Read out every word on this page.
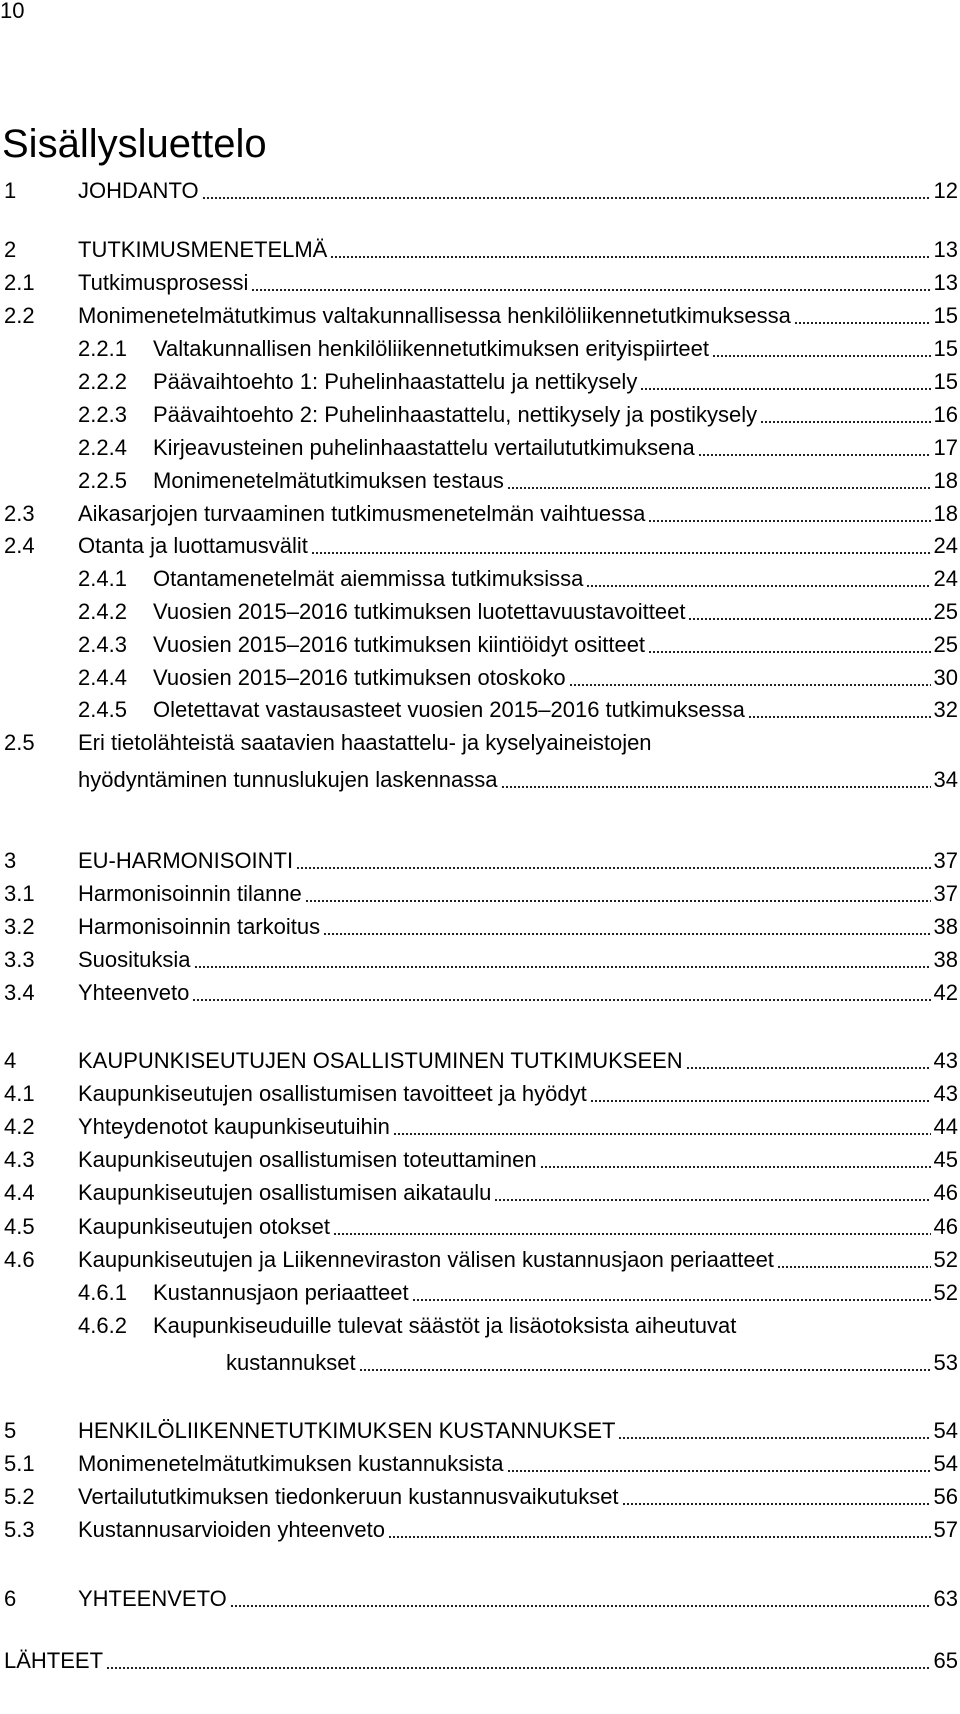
10
Sisällysluettelo
1	JOHDANTO	12
2	TUTKIMUSMENETELMÄ	13
2.1 Tutkimusprosessi	13
2.2 Monimenetelmätutkimus valtakunnallisessa henkilöliikennetutkimuksessa	15
2.2.1 Valtakunnallisen henkilöliikennetutkimuksen erityispiirteet	15
2.2.2 Päävaihtoehto 1: Puhelinhaastattelu ja nettikysely	15
2.2.3 Päävaihtoehto 2: Puhelinhaastattelu, nettikysely ja postikysely	16
2.2.4 Kirjeavusteinen puhelinhaastattelu vertailututkimuksena	17
2.2.5 Monimenetelmätutkimuksen testaus	18
2.3 Aikasarjojen turvaaminen tutkimusmenetelmän vaihtuessa	18
2.4 Otanta ja luottamusvälit	24
2.4.1 Otantamenetelmät aiemmissa tutkimuksissa	24
2.4.2 Vuosien 2015–2016 tutkimuksen luotettavuustavoitteet	25
2.4.3 Vuosien 2015–2016 tutkimuksen kiintiöidyt ositteet	25
2.4.4 Vuosien 2015–2016 tutkimuksen otoskoko	30
2.4.5 Oletettavat vastausasteet vuosien 2015–2016 tutkimuksessa	32
2.5 Eri tietolähteistä saatavien haastattelu- ja kyselyaineistojen
hyödyntäminen tunnuslukujen laskennassa	34
3	EU-HARMONISOINTI	37
3.1 Harmonisoinnin tilanne	37
3.2 Harmonisoinnin tarkoitus	38
3.3 Suosituksia	38
3.4 Yhteenveto	42
4	KAUPUNKISEUTUJEN OSALLISTUMINEN TUTKIMUKSEEN	43
4.1 Kaupunkiseutujen osallistumisen tavoitteet ja hyödyt	43
4.2 Yhteydenotot kaupunkiseutuihin	44
4.3 Kaupunkiseutujen osallistumisen toteuttaminen	45
4.4 Kaupunkiseutujen osallistumisen aikataulu	46
4.5 Kaupunkiseutujen otokset	46
4.6 Kaupunkiseutujen ja Liikenneviraston välisen kustannusjaon periaatteet	52
4.6.1 Kustannusjaon periaatteet	52
4.6.2 Kaupunkiseuduille tulevat säästöt ja lisäotoksista aiheutuvat
kustannukset	53
5	HENKILÖLIIKENNETUTKIMUKSEN KUSTANNUKSET	54
5.1 Monimenetelmätutkimuksen kustannuksista	54
5.2 Vertailututkimuksen tiedonkeruun kustannusvaikutukset	56
5.3 Kustannusarvioiden yhteenveto	57
6	YHTEENVETO	63
LÄHTEET	65
